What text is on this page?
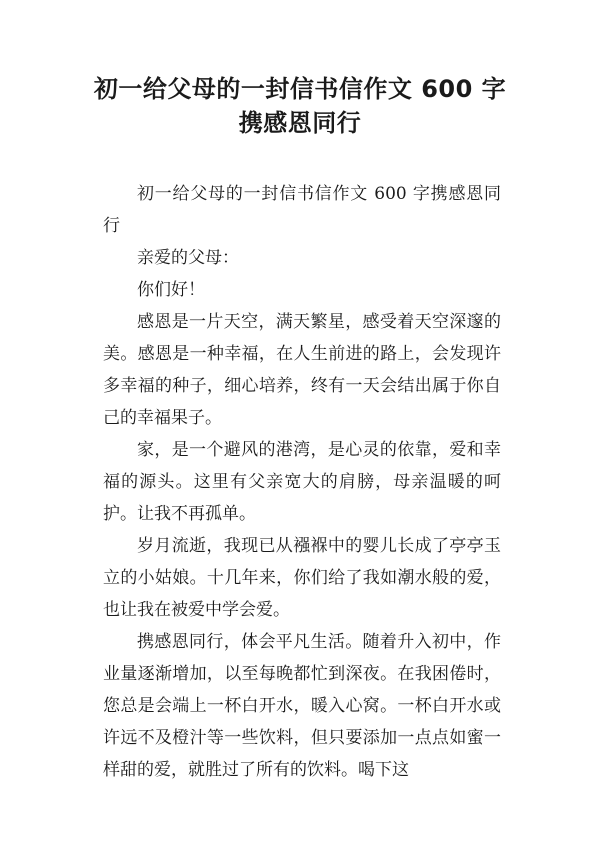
初一给父母的一封信书信作文 600 字
携感恩同行

初一给父母的一封信书信作文 600 字携感恩同行

亲爱的父母：

你们好！

感恩是一片天空，满天繁星，感受着天空深邃的美。感恩是一种幸福，在人生前进的路上，会发现许多幸福的种子，细心培养，终有一天会结出属于你自己的幸福果子。

家，是一个避风的港湾，是心灵的依靠，爱和幸福的源头。这里有父亲宽大的肩膀，母亲温暖的呵护。让我不再孤单。

岁月流逝，我现已从襁褓中的婴儿长成了亭亭玉立的小姑娘。十几年来，你们给了我如潮水般的爱，也让我在被爱中学会爱。

携感恩同行，体会平凡生活。随着升入初中，作业量逐渐增加，以至每晚都忙到深夜。在我困倦时，您总是会端上一杯白开水，暖入心窝。一杯白开水或许远不及橙汁等一些饮料，但只要添加一点点如蜜一样甜的爱，就胜过了所有的饮料。喝下这
